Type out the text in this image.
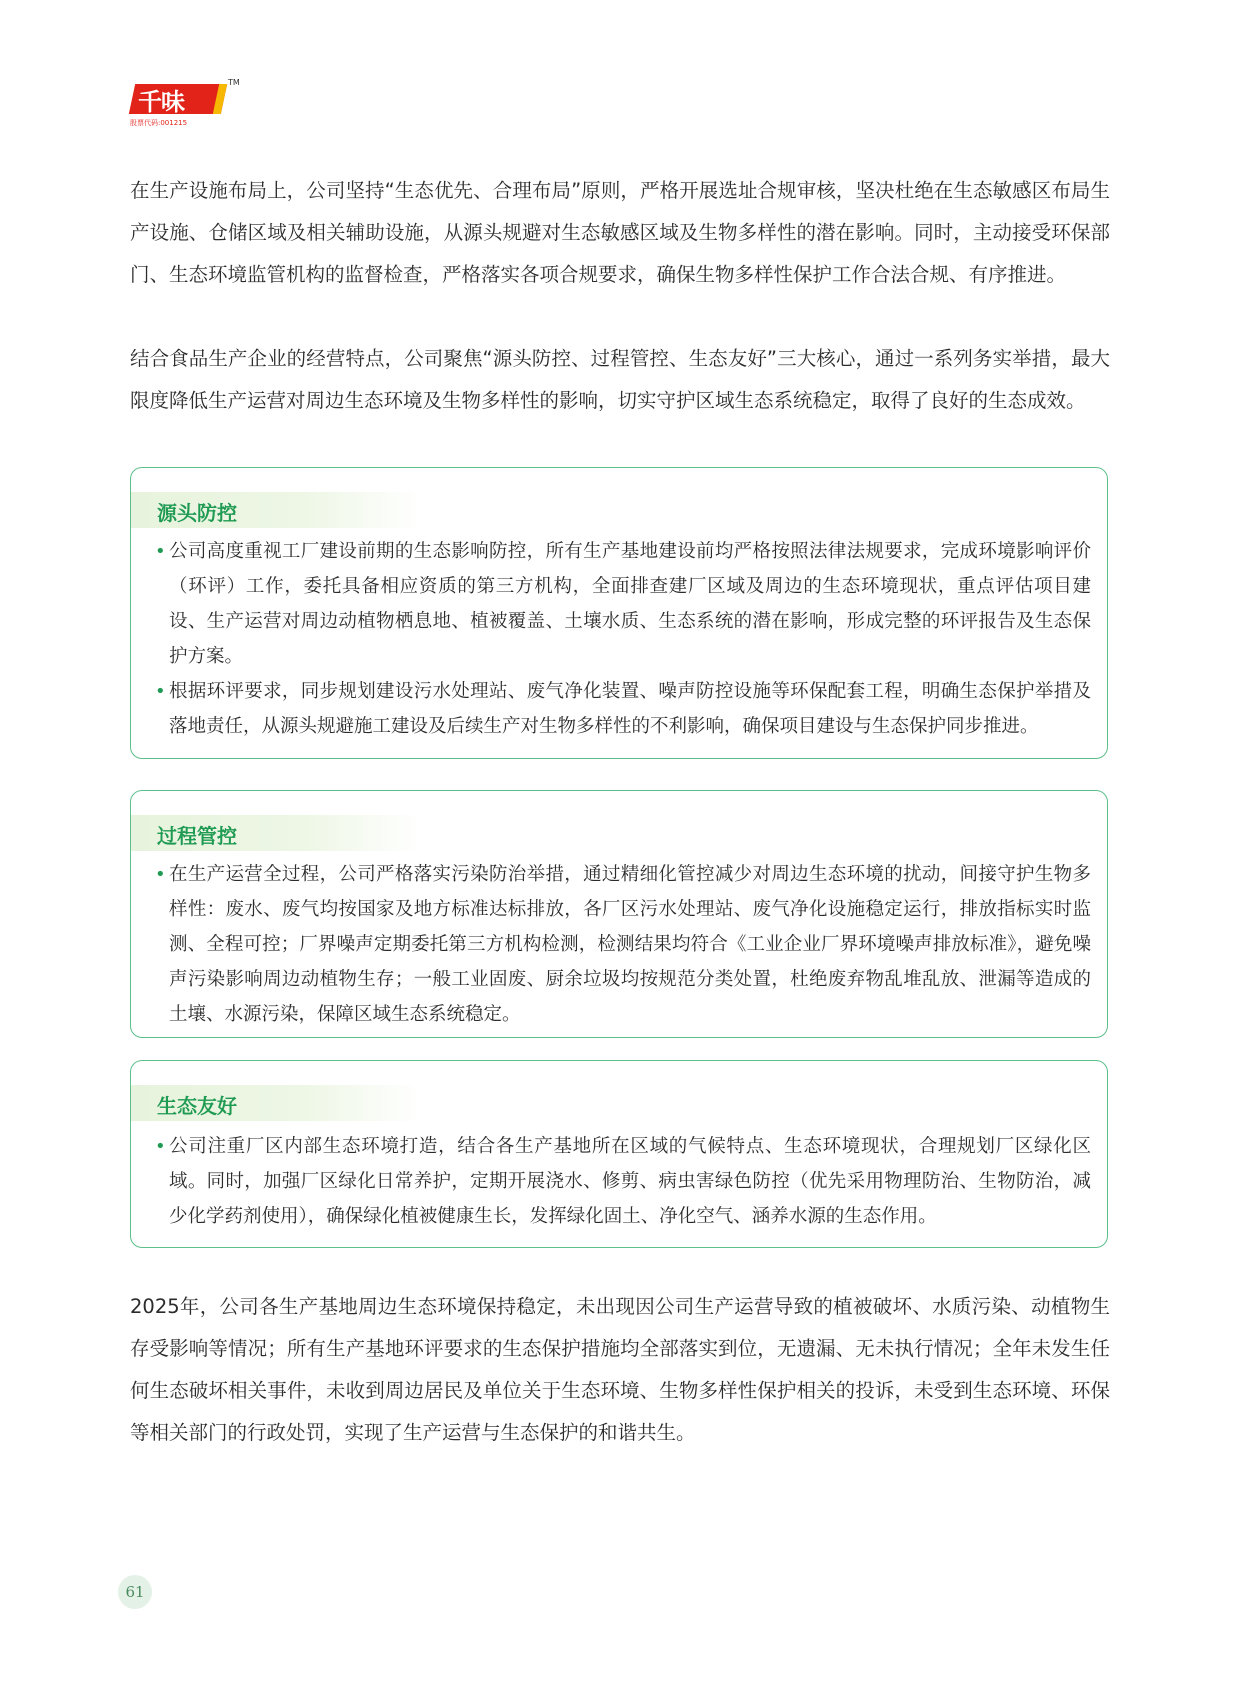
千味
TM
股票代码:001215

在生产设施布局上，公司坚持“生态优先、合理布局”原则，严格开展选址合规审核，坚决杜绝在生态敏感区布局生产设施、仓储区域及相关辅助设施，从源头规避对生态敏感区域及生物多样性的潜在影响。同时，主动接受环保部门、生态环境监管机构的监督检查，严格落实各项合规要求，确保生物多样性保护工作合法合规、有序推进。

结合食品生产企业的经营特点，公司聚焦“源头防控、过程管控、生态友好”三大核心，通过一系列务实举措，最大限度降低生产运营对周边生态环境及生物多样性的影响，切实守护区域生态系统稳定，取得了良好的生态成效。

源头防控

• 公司高度重视工厂建设前期的生态影响防控，所有生产基地建设前均严格按照法律法规要求，完成环境影响评价（环评）工作，委托具备相应资质的第三方机构，全面排查建厂区域及周边的生态环境现状，重点评估项目建设、生产运营对周边动植物栖息地、植被覆盖、土壤水质、生态系统的潜在影响，形成完整的环评报告及生态保护方案。

• 根据环评要求，同步规划建设污水处理站、废气净化装置、噪声防控设施等环保配套工程，明确生态保护举措及落地责任，从源头规避施工建设及后续生产对生物多样性的不利影响，确保项目建设与生态保护同步推进。

过程管控

• 在生产运营全过程，公司严格落实污染防治举措，通过精细化管控减少对周边生态环境的扰动，间接守护生物多样性：废水、废气均按国家及地方标准达标排放，各厂区污水处理站、废气净化设施稳定运行，排放指标实时监测、全程可控；厂界噪声定期委托第三方机构检测，检测结果均符合《工业企业厂界环境噪声排放标准》，避免噪声污染影响周边动植物生存；一般工业固废、厨余垃圾均按规范分类处置，杜绝废弃物乱堆乱放、泄漏等造成的土壤、水源污染，保障区域生态系统稳定。

生态友好

• 公司注重厂区内部生态环境打造，结合各生产基地所在区域的气候特点、生态环境现状，合理规划厂区绿化区域。同时，加强厂区绿化日常养护，定期开展浇水、修剪、病虫害绿色防控（优先采用物理防治、生物防治，减少化学药剂使用），确保绿化植被健康生长，发挥绿化固土、净化空气、涵养水源的生态作用。

2025年，公司各生产基地周边生态环境保持稳定，未出现因公司生产运营导致的植被破坏、水质污染、动植物生存受影响等情况；所有生产基地环评要求的生态保护措施均全部落实到位，无遗漏、无未执行情况；全年未发生任何生态破坏相关事件，未收到周边居民及单位关于生态环境、生物多样性保护相关的投诉，未受到生态环境、环保等相关部门的行政处罚，实现了生产运营与生态保护的和谐共生。

61
